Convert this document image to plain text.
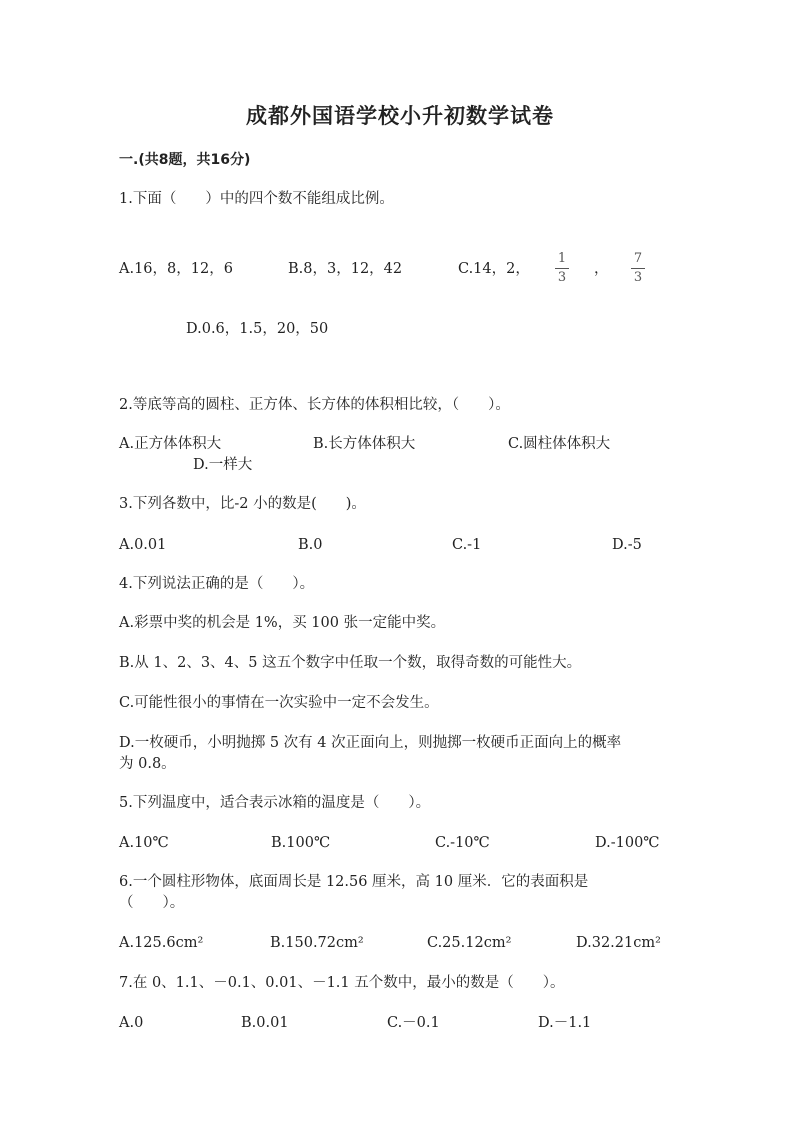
成都外国语学校小升初数学试卷
一.(共8题，共16分)
1.下面（　　）中的四个数不能组成比例。
A.16，8，12，6	B.8，3，12，42	C.14，2，
1
3
，
7
3
D.0.6，1.5，20，50
2.等底等高的圆柱、正方体、长方体的体积相比较，（　　）。
A.正方体体积大	B.长方体体积大	C.圆柱体体积大
D.一样大
3.下列各数中，比-2 小的数是(　　)。
A.0.01	B.0	C.-1	D.-5
4.下列说法正确的是（　　）。
A.彩票中奖的机会是 1%，买 100 张一定能中奖。
B.从 1、2、3、4、5 这五个数字中任取一个数，取得奇数的可能性大。
C.可能性很小的事情在一次实验中一定不会发生。
D.一枚硬币，小明抛掷 5 次有 4 次正面向上，则抛掷一枚硬币正面向上的概率
为 0.8。
5.下列温度中，适合表示冰箱的温度是（　　）。
A.10℃	B.100℃	C.-10℃	D.-100℃
6.一个圆柱形物体，底面周长是 12.56 厘米，高 10 厘米．它的表面积是
（　　）。
A.125.6cm²	B.150.72cm²	C.25.12cm²	D.32.21cm²
7.在 0、1.1、－0.1、0.01、－1.1 五个数中，最小的数是（　　）。
A.0	B.0.01	C.－0.1	D.－1.1
